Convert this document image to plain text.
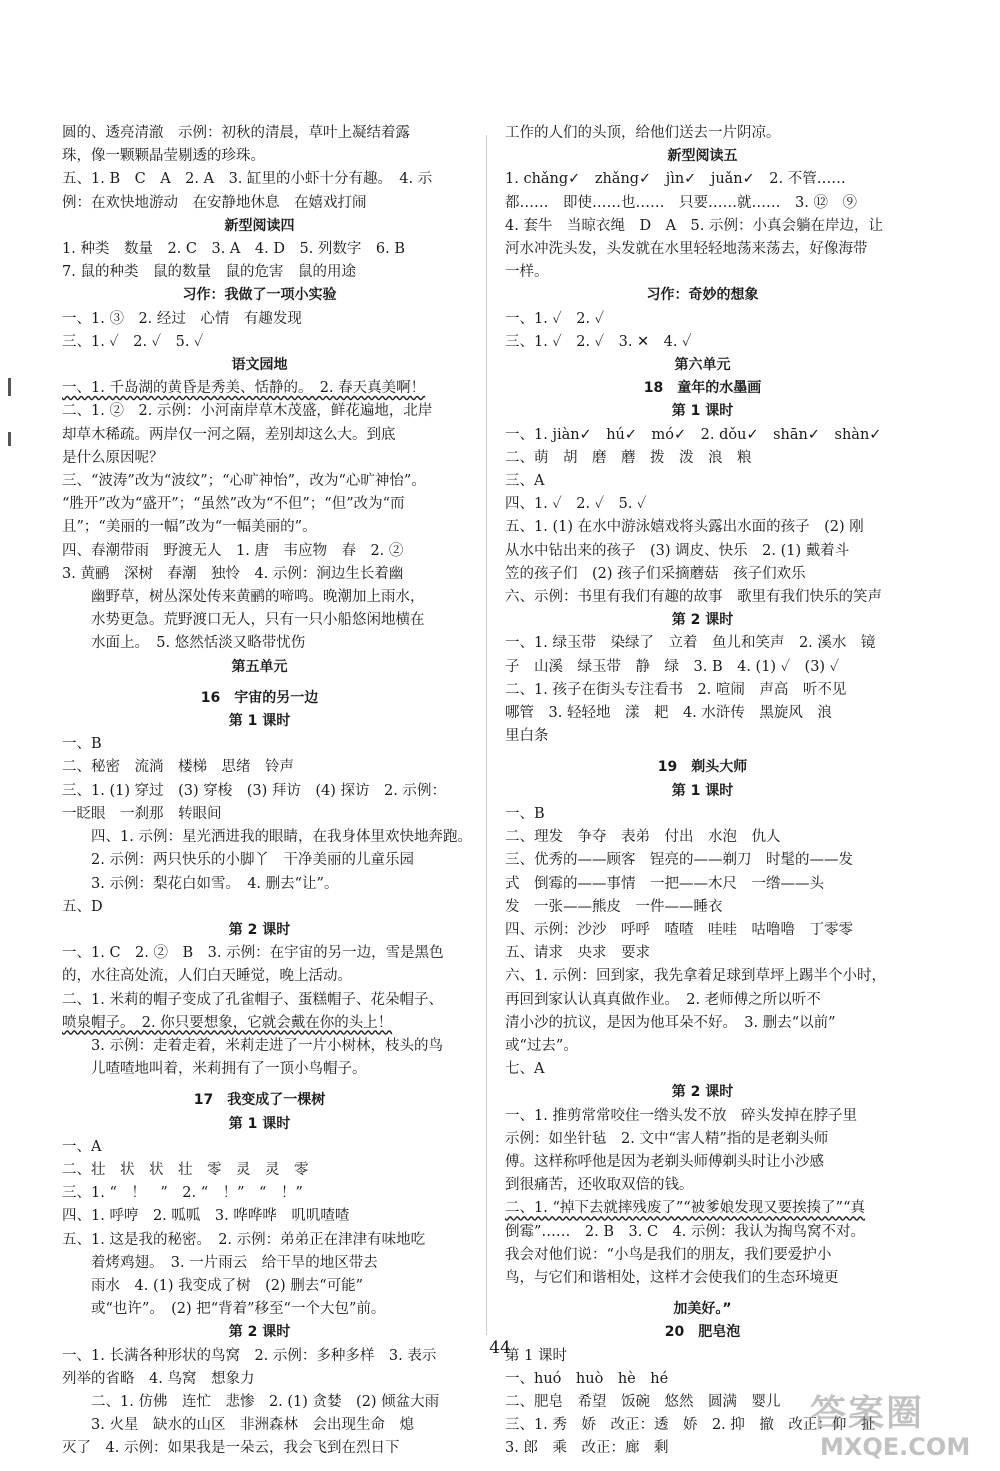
圆的、透亮清澈　示例：初秋的清晨，草叶上凝结着露
珠，像一颗颗晶莹剔透的珍珠。
五、1. B　C　A　2. A　3. 缸里的小虾十分有趣。　4. 示
例：在欢快地游动　在安静地休息　在嬉戏打闹
新型阅读四
1. 种类　数量　2. C　3. A　4. D　5. 列数字　6. B
7. 鼠的种类　鼠的数量　鼠的危害　鼠的用途
习作：我做了一项小实验
一、1. ③　2. 经过　心情　有趣发现
三、1. ✓　2. ✓　5. ✓
语文园地
一、1. 千岛湖的黄昏是秀美、恬静的。　2. 春天真美啊！
二、1. ②　2. 示例：小河南岸草木茂盛，鲜花遍地，北岸
却草木稀疏。两岸仅一河之隔，差别却这么大。到底
是什么原因呢？
三、“波涛”改为“波纹”；“心旷神怡”，改为“心旷神怡”。
“胜开”改为“盛开”；“虽然”改为“不但”；“但”改为“而
且”；“美丽的一幅”改为“一幅美丽的”。
四、春潮带雨　野渡无人　1. 唐　韦应物　春　2. ②
3. 黄鹂　深树　春潮　独怜　4. 示例：涧边生长着幽
幽野草，树丛深处传来黄鹂的啼鸣。晚潮加上雨水，
水势更急。荒野渡口无人，只有一只小船悠闲地横在
水面上。　5. 悠然恬淡又略带忧伤
第五单元
16　宇宙的另一边
第 1 课时
一、B
二、秘密　流淌　楼梯　思绪　铃声
三、1. (1) 穿过　(3) 穿梭　(3) 拜访　(4) 探访　2. 示例：
一眨眼　一刹那　转眼间
四、1. 示例：星光洒进我的眼睛，在我身体里欢快地奔跑。
2. 示例：两只快乐的小脚丫　干净美丽的儿童乐园
3. 示例：梨花白如雪。　4. 删去“让”。
五、D
第 2 课时
一、1. C　2. ②　B　3. 示例：在宇宙的另一边，雪是黑色
的，水往高处流，人们白天睡觉，晚上活动。
二、1. 米莉的帽子变成了孔雀帽子、蛋糕帽子、花朵帽子、
喷泉帽子。　2. 你只要想象，它就会戴在你的头上！
3. 示例：走着走着，米莉走进了一片小树林，枝头的鸟
儿喳喳地叫着，米莉拥有了一顶小鸟帽子。
17　我变成了一棵树
第 1 课时
一、A
二、壮　状　状　壮　零　灵　灵　零
三、1. “　！　”　2. “　！”　“　！”
四、1. 呼哼　2. 呱呱　3. 哗哗哗　叽叽喳喳
五、1. 这是我的秘密。　2. 示例：弟弟正在津津有味地吃
着烤鸡翅。　3. 一片雨云　给干旱的地区带去
雨水　4. (1) 我变成了树　(2) 删去“可能”
或“也许”。　(2) 把“背着”移至“一个大包”前。
第 2 课时
一、1. 长满各种形状的鸟窝　2. 示例：多种多样　3. 表示
列举的省略　4. 鸟窝　想象力
二、1. 仿佛　连忙　悲惨　2. (1) 贪婪　(2) 倾盆大雨
3. 火星　缺水的山区　非洲森林　会出现生命　熄
灭了　4. 示例：如果我是一朵云，我会飞到在烈日下
工作的人们的头顶，给他们送去一片阴凉。
新型阅读五
1. chǎng✓　zhǎng✓　jìn✓　juǎn✓　2. 不管……
都……　即使……也……　只要……就……　3. ⑫　⑨
4. 套牛　当晾衣绳　D　A　5. 示例：小真会躺在岸边，让
河水冲洗头发，头发就在水里轻轻地荡来荡去，好像海带
一样。
习作：奇妙的想象
一、1. ✓　2. ✓
三、1. ✓　2. ✓　3. ✕　4. ✓
第六单元
18　童年的水墨画
第 1 课时
一、1. jiàn✓　hú✓　mó✓　2. dǒu✓　shān✓　shàn✓
二、萌　胡　磨　蘑　拨　泼　浪　粮
三、A
四、1. ✓　2. ✓　5. ✓
五、1. (1) 在水中游泳嬉戏将头露出水面的孩子　(2) 刚
从水中钻出来的孩子　(3) 调皮、快乐　2. (1) 戴着斗
笠的孩子们　(2) 孩子们采摘蘑菇　孩子们欢乐
六、示例：书里有我们有趣的故事　歌里有我们快乐的笑声
第 2 课时
一、1. 绿玉带　染绿了　立着　鱼儿和笑声　2. 溪水　镜
子　山溪　绿玉带　静　绿　3. B　4. (1) ✓　(3) ✓
二、1. 孩子在街头专注看书　2. 喧闹　声高　听不见
哪管　3. 轻轻地　漾　耙　4. 水浒传　黑旋风　浪
里白条
19　剃头大师
第 1 课时
一、B
二、理发　争夺　表弟　付出　水泡　仇人
三、优秀的——顾客　锃亮的——剃刀　时髦的——发
式　倒霉的——事情　一把——木尺　一绺——头
发　一张——熊皮　一件——睡衣
四、示例：沙沙　呼呼　喳喳　哇哇　咕噜噜　丁零零
五、请求　央求　要求
六、1. 示例：回到家，我先拿着足球到草坪上踢半个小时，
再回到家认认真真做作业。　2. 老师傅之所以听不
清小沙的抗议，是因为他耳朵不好。　3. 删去“以前”
或“过去”。
七、A
第 2 课时
一、1. 推剪常常咬住一绺头发不放　碎头发掉在脖子里
示例：如坐针毡　2. 文中“害人精”指的是老剃头师
傅。这样称呼他是因为老剃头师傅剃头时让小沙感
到很痛苦，还收取双倍的钱。
二、1. “掉下去就摔残废了”“被爹娘发现又要挨揍了”“真
倒霉”……　2. B　3. C　4. 示例：我认为掏鸟窝不对。
我会对他们说：“小鸟是我们的朋友，我们要爱护小
鸟，与它们和谐相处，这样才会使我们的生态环境更
加美好。”
20　肥皂泡
第 1 课时
一、huó　huò　hè　hé
二、肥皂　希望　饭碗　悠然　圆满　婴儿
三、1. 秀　娇　改正：透　娇　2. 抑　撤　改正：仰　扯
3. 郎　乘　改正：廊　剩
44
答案圈
MXQE.COM
